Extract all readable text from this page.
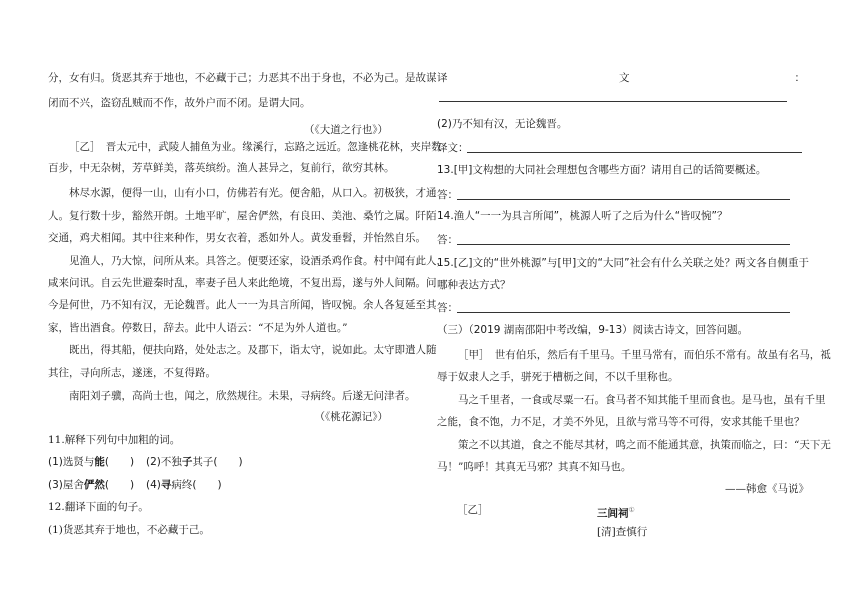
分，女有归。货恶其弃于地也，不必藏于己；力恶其不出于身也，不必为己。是故谋
闭而不兴，盗窃乱贼而不作，故外户而不闭。是谓大同。
（《大道之行也》）
［乙］　晋太元中，武陵人捕鱼为业。缘溪行，忘路之远近。忽逢桃花林，夹岸数
百步，中无杂树，芳草鲜美，落英缤纷。渔人甚异之，复前行，欲穷其林。
林尽水源，便得一山，山有小口，仿佛若有光。便舍船，从口入。初极狭，才通
人。复行数十步，豁然开朗。土地平旷，屋舍俨然，有良田、美池、桑竹之属。阡陌
交通，鸡犬相闻。其中往来种作，男女衣着，悉如外人。黄发垂髫，并怡然自乐。
见渔人，乃大惊，问所从来。具答之。便要还家，设酒杀鸡作食。村中闻有此人，
咸来问讯。自云先世避秦时乱，率妻子邑人来此绝境，不复出焉，遂与外人间隔。问
今是何世，乃不知有汉，无论魏晋。此人一一为具言所闻，皆叹惋。余人各复延至其
家，皆出酒食。停数日，辞去。此中人语云：“不足为外人道也。”
既出，得其船，便扶向路，处处志之。及郡下，诣太守，说如此。太守即遣人随
其往，寻向所志，遂迷，不复得路。
南阳刘子骥，高尚士也，闻之，欣然规往。未果，寻病终。后遂无问津者。
（《桃花源记》）
11.解释下列句中加粗的词。
(1)选贤与能(　　) (2)不独子其子(　　)
(3)屋舍俨然(　　) (4)寻病终(　　)
12.翻译下面的句子。
(1)货恶其弃于地也，不必藏于己。
译	文	：
(2)乃不知有汉，无论魏晋。
译文：
13.[甲]文构想的大同社会理想包含哪些方面？请用自己的话简要概述。
答：
14.渔人“一一为具言所闻”，桃源人听了之后为什么“皆叹惋”？
答：
15.[乙]文的“世外桃源”与[甲]文的“大同”社会有什么关联之处？两文各自侧重于
哪种表达方式？
答：
（三）（2019 湖南邵阳中考改编，9-13）阅读古诗文，回答问题。
［甲］　世有伯乐，然后有千里马。千里马常有，而伯乐不常有。故虽有名马，祗
辱于奴隶人之手，骈死于槽枥之间，不以千里称也。
马之千里者，一食或尽粟一石。食马者不知其能千里而食也。是马也，虽有千里
之能，食不饱，力不足，才美不外见，且欲与常马等不可得，安求其能千里也？
策之不以其道，食之不能尽其材，鸣之而不能通其意，执策而临之，曰：“天下无
马！”呜呼！其真无马邪？其真不知马也。
——韩愈《马说》
［乙］	三闾祠①
[清]查慎行
